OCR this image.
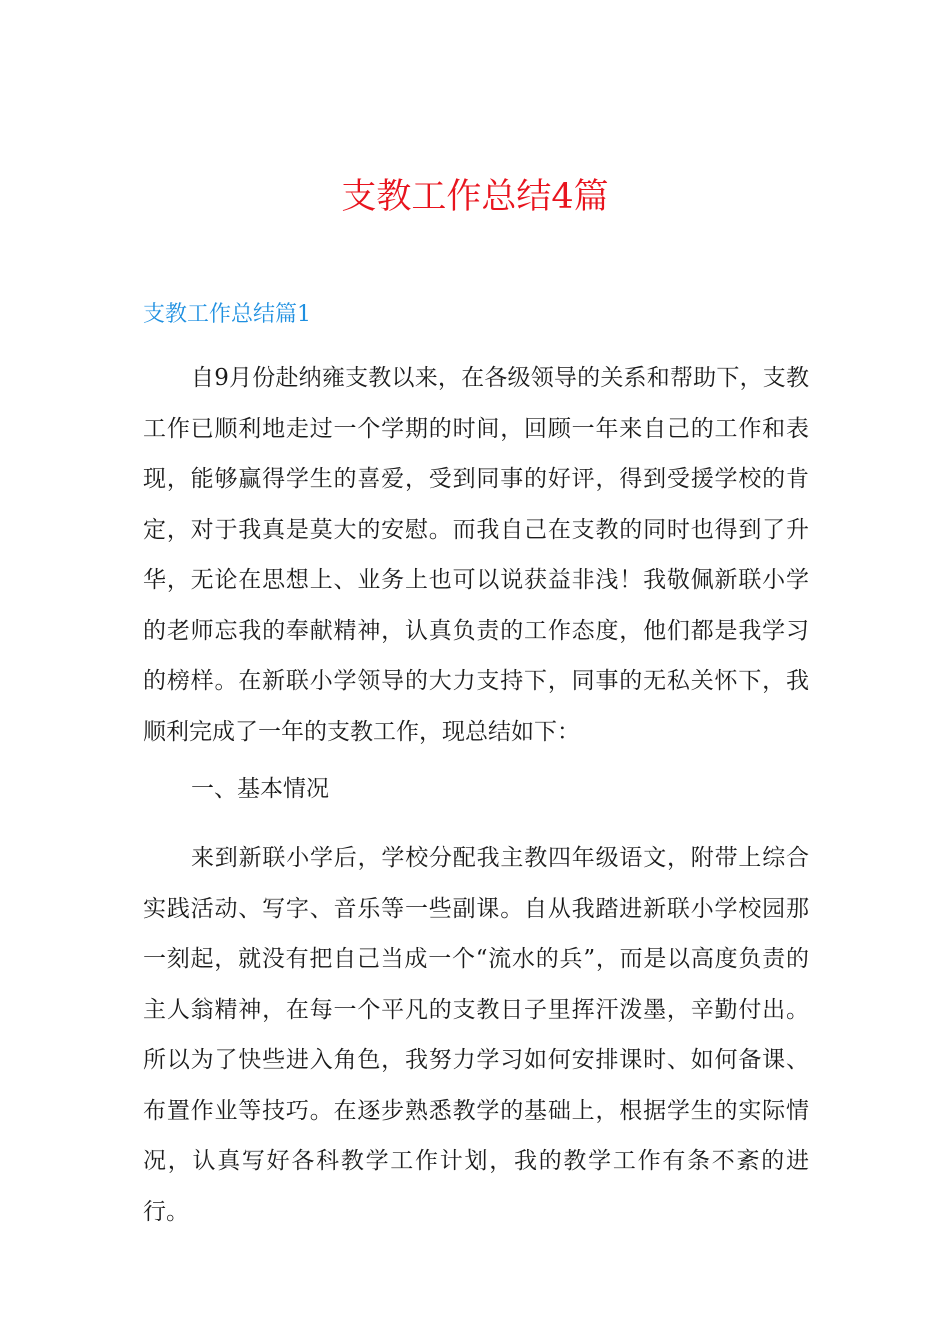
支教工作总结4篇
支教工作总结篇1

自9月份赴纳雍支教以来，在各级领导的关系和帮助下，支教工作已顺利地走过一个学期的时间，回顾一年来自己的工作和表现，能够赢得学生的喜爱，受到同事的好评，得到受援学校的肯定，对于我真是莫大的安慰。而我自己在支教的同时也得到了升华，无论在思想上、业务上也可以说获益非浅！我敬佩新联小学的老师忘我的奉献精神，认真负责的工作态度，他们都是我学习的榜样。在新联小学领导的大力支持下，同事的无私关怀下，我顺利完成了一年的支教工作，现总结如下：

一、基本情况

来到新联小学后，学校分配我主教四年级语文，附带上综合实践活动、写字、音乐等一些副课。自从我踏进新联小学校园那一刻起，就没有把自己当成一个“流水的兵”，而是以高度负责的主人翁精神，在每一个平凡的支教日子里挥汗泼墨，辛勤付出。所以为了快些进入角色，我努力学习如何安排课时、如何备课、布置作业等技巧。在逐步熟悉教学的基础上，根据学生的实际情况，认真写好各科教学工作计划，我的教学工作有条不紊的进行。
